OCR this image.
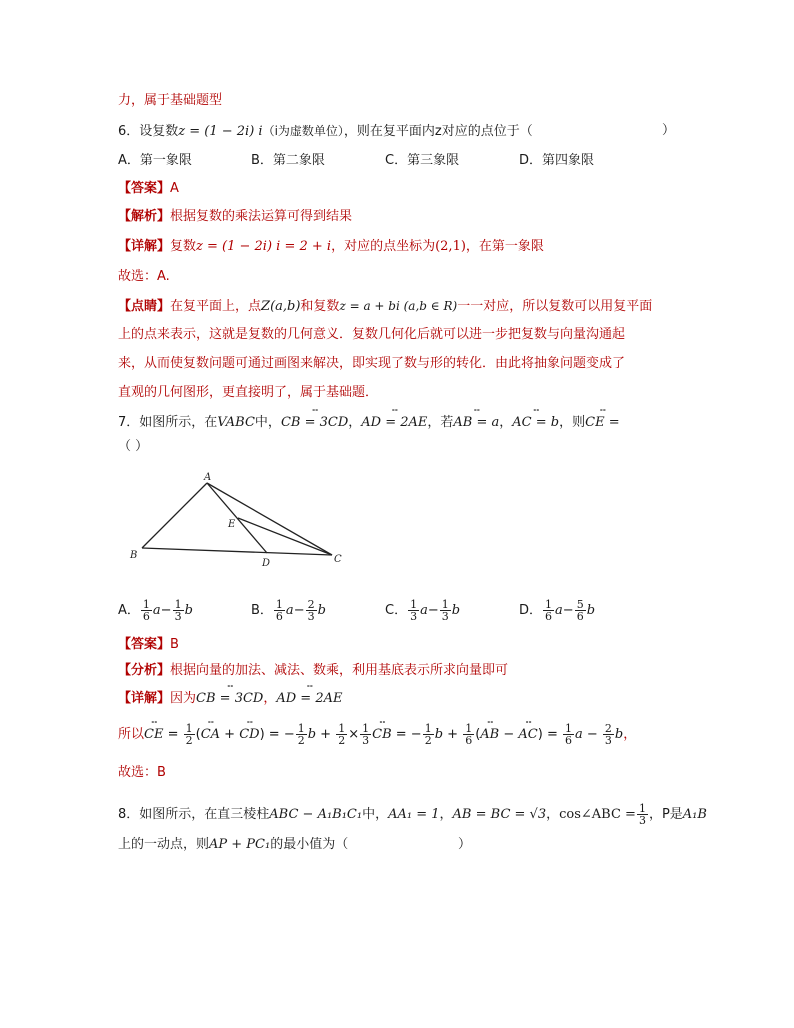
力，属于基础题型
6．设复数z = (1 − 2i) i（i为虚数单位），则在复平面内z对应的点位于（	）
A．第一象限	B．第二象限	C．第三象限	D．第四象限
【答案】A
【解析】根据复数的乘法运算可得到结果
【详解】复数z = (1 − 2i) i = 2 + i，对应的点坐标为(2,1)，在第一象限
故选：A.
【点睛】在复平面上，点Z(a,b)和复数z = a + bi (a,b ∈ R)一一对应，所以复数可以用复平面
上的点来表示，这就是复数的几何意义．复数几何化后就可以进一步把复数与向量沟通起
来，从而使复数问题可通过画图来解决，即实现了数与形的转化．由此将抽象问题变成了
直观的几何图形，更直接明了，属于基础题．
7．如图所示，在VABC中，˚˚ CB = 3CD，˚˚ AD = 2AE，若˚˚ AB = a，˚˚ AC = b，则˚˚ CE =
（ ）
A
B	C
D
E
A． $\frac{1}{6} a- \frac{1}{3}$ b	B． $\frac{1}{6} a- \frac{2}{3}$ b	C． $\frac{1}{3} a- \frac{1}{3}$ b	D． $\frac{1}{6} a- \frac{5}{6}$ b
【答案】B
【分析】根据向量的加法、减法、数乘，利用基底表示所求向量即可
【详解】因为˚˚ CB = 3CD，˚˚ AD = 2AE
所以˚˚ CE = $\frac{1}{2}$ (˚˚ CA + ˚˚ CD) = − $\frac{1}{2}$ $b + \frac{1}{2} \times \frac{1}{3}$
˚˚ CB = − $\frac{1}{2}$ $b + \frac{1}{6}$ (˚˚ AB − ˚˚ $AC) = \frac{1}{6}$ $a - \frac{2}{3}$ b，
故选：B
8．如图所示，在直三棱柱ABC − A₁B₁C₁中，AA₁ = 1，AB = BC = √3，cos∠ABC = $\frac{1}{3}$ ，P是A₁B
上的一动点，则AP + PC₁的最小值为（	）
